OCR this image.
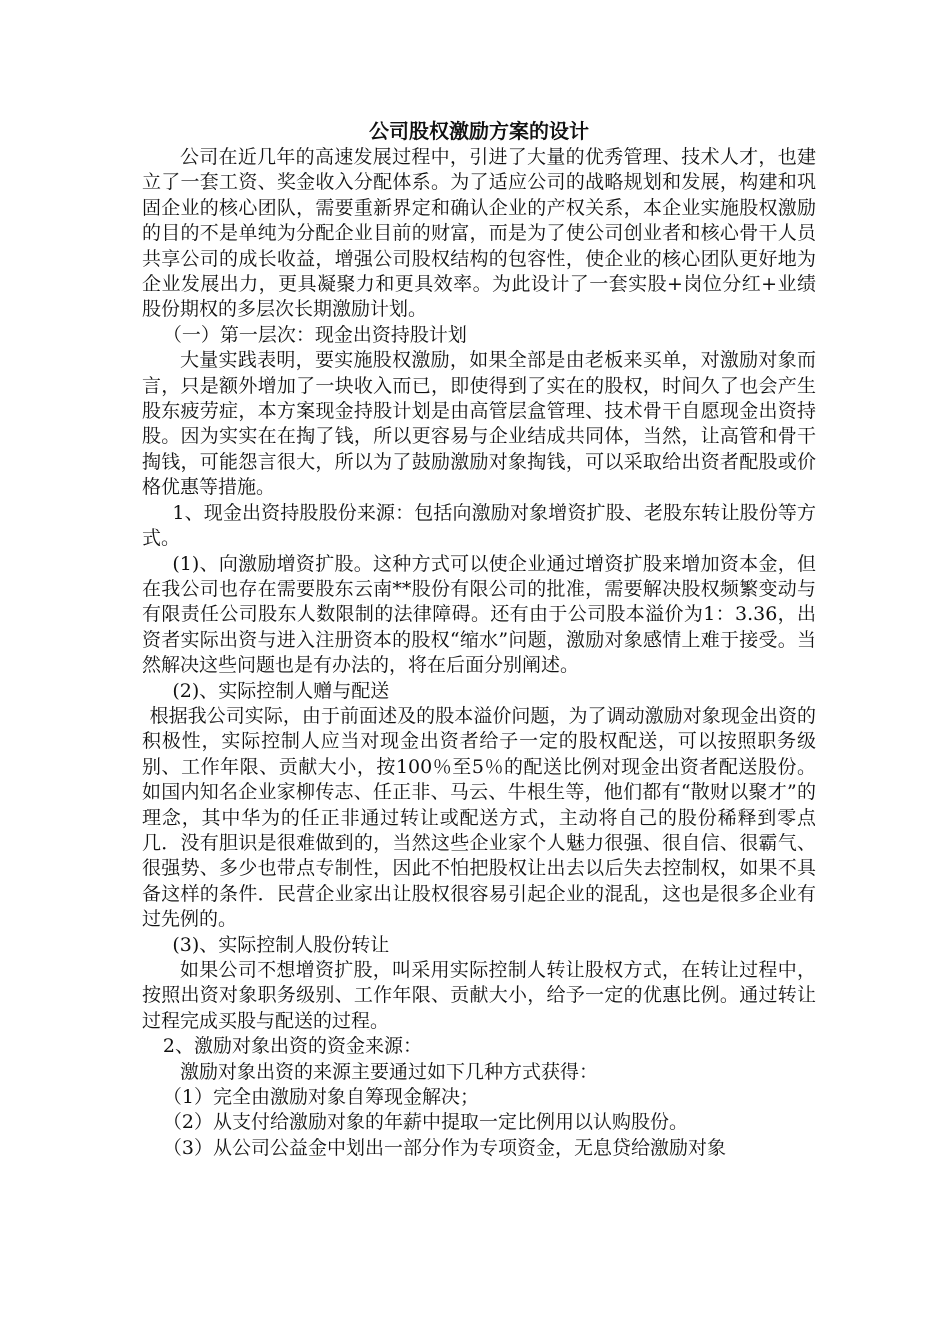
公司股权激励方案的设计

公司在近几年的高速发展过程中，引进了大量的优秀管理、技术人才，也建立了一套工资、奖金收入分配体系。为了适应公司的战略规划和发展，构建和巩固企业的核心团队，需要重新界定和确认企业的产权关系，本企业实施股权激励的目的不是单纯为分配企业目前的财富，而是为了使公司创业者和核心骨干人员共享公司的成长收益，增强公司股权结构的包容性，使企业的核心团队更好地为企业发展出力，更具凝聚力和更具效率。为此设计了一套实股+岗位分红+业绩股份期权的多层次长期激励计划。

（一）第一层次：现金出资持股计划

大量实践表明，要实施股权激励，如果全部是由老板来买单，对激励对象而言，只是额外增加了一块收入而已，即使得到了实在的股权，时间久了也会产生股东疲劳症，本方案现金持股计划是由高管层盒管理、技术骨干自愿现金出资持股。因为实实在在掏了钱，所以更容易与企业结成共同体，当然，让高管和骨干掏钱，可能怨言很大，所以为了鼓励激励对象掏钱，可以采取给出资者配股或价格优惠等措施。

1、现金出资持股股份来源：包括向激励对象增资扩股、老股东转让股份等方式。

(1)、向激励增资扩股。这种方式可以使企业通过增资扩股来增加资本金，但在我公司也存在需要股东云南**股份有限公司的批准，需要解决股权频繁变动与有限责任公司股东人数限制的法律障碍。还有由于公司股本溢价为1：3.36，出资者实际出资与进入注册资本的股权“缩水”问题，激励对象感情上难于接受。当然解决这些问题也是有办法的，将在后面分别阐述。

(2)、实际控制人赠与配送

根据我公司实际，由于前面述及的股本溢价问题，为了调动激励对象现金出资的积极性，实际控制人应当对现金出资者给子一定的股权配送，可以按照职务级别、工作年限、贡献大小，按100％至5％的配送比例对现金出资者配送股份。如国内知名企业家柳传志、任正非、马云、牛根生等，他们都有“散财以聚才”的理念，其中华为的任正非通过转让或配送方式，主动将自己的股份稀释到零点几．没有胆识是很难做到的，当然这些企业家个人魅力很强、很自信、很霸气、很强势、多少也带点专制性，因此不怕把股权让出去以后失去控制权，如果不具备这样的条件．民营企业家出让股权很容易引起企业的混乱，这也是很多企业有过先例的。

(3)、实际控制人股份转让

如果公司不想增资扩股，叫采用实际控制人转让股权方式，在转让过程中，按照出资对象职务级别、工作年限、贡献大小，给予一定的优惠比例。通过转让过程完成买股与配送的过程。

2、激励对象出资的资金来源：

激励对象出资的来源主要通过如下几种方式获得：

（1）完全由激励对象自筹现金解决；

（2）从支付给激励对象的年薪中提取一定比例用以认购股份。

（3）从公司公益金中划出一部分作为专项资金，无息贷给激励对象
